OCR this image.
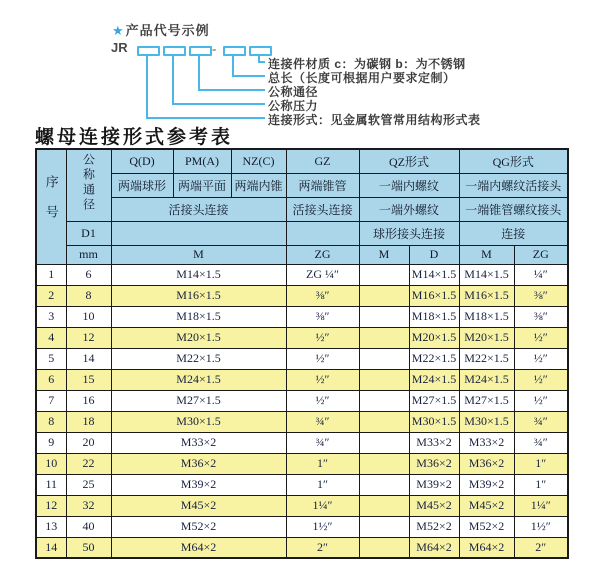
★产品代号示例
JR	-
连接件材质 c：为碳钢 b：为不锈钢
总长（长度可根据用户要求定制）
公称通径
公称压力
连接形式：见金属软管常用结构形式表
螺母连接形式参考表
序号	公称通径	Q(D)	PM(A)	NZ(C)	GZ	QZ形式		QG形式	
		两端球形	两端平面	两端内锥	两端锥管	一端内螺纹		一端内螺纹活接头	
		活接头连接			活接头连接	一端外螺纹		一端锥管螺纹接头	
	D1					球形接头连接		连接	
	mm	M			ZG	M	D	M	ZG
1	6	M14×1.5			ZG ¼″		M14×1.5	M14×1.5	¼″
2	8	M16×1.5			⅜″		M16×1.5	M16×1.5	⅜″
3	10	M18×1.5			⅜″		M18×1.5	M18×1.5	⅜″
4	12	M20×1.5			½″		M20×1.5	M20×1.5	½″
5	14	M22×1.5			½″		M22×1.5	M22×1.5	½″
6	15	M24×1.5			½″		M24×1.5	M24×1.5	½″
7	16	M27×1.5			½″		M27×1.5	M27×1.5	½″
8	18	M30×1.5			¾″		M30×1.5	M30×1.5	¾″
9	20	M33×2			¾″		M33×2	M33×2	¾″
10	22	M36×2			1″		M36×2	M36×2	1″
11	25	M39×2			1″		M39×2	M39×2	1″
12	32	M45×2			1¼″		M45×2	M45×2	1¼″
13	40	M52×2			1½″		M52×2	M52×2	1½″
14	50	M64×2			2″		M64×2	M64×2	2″
